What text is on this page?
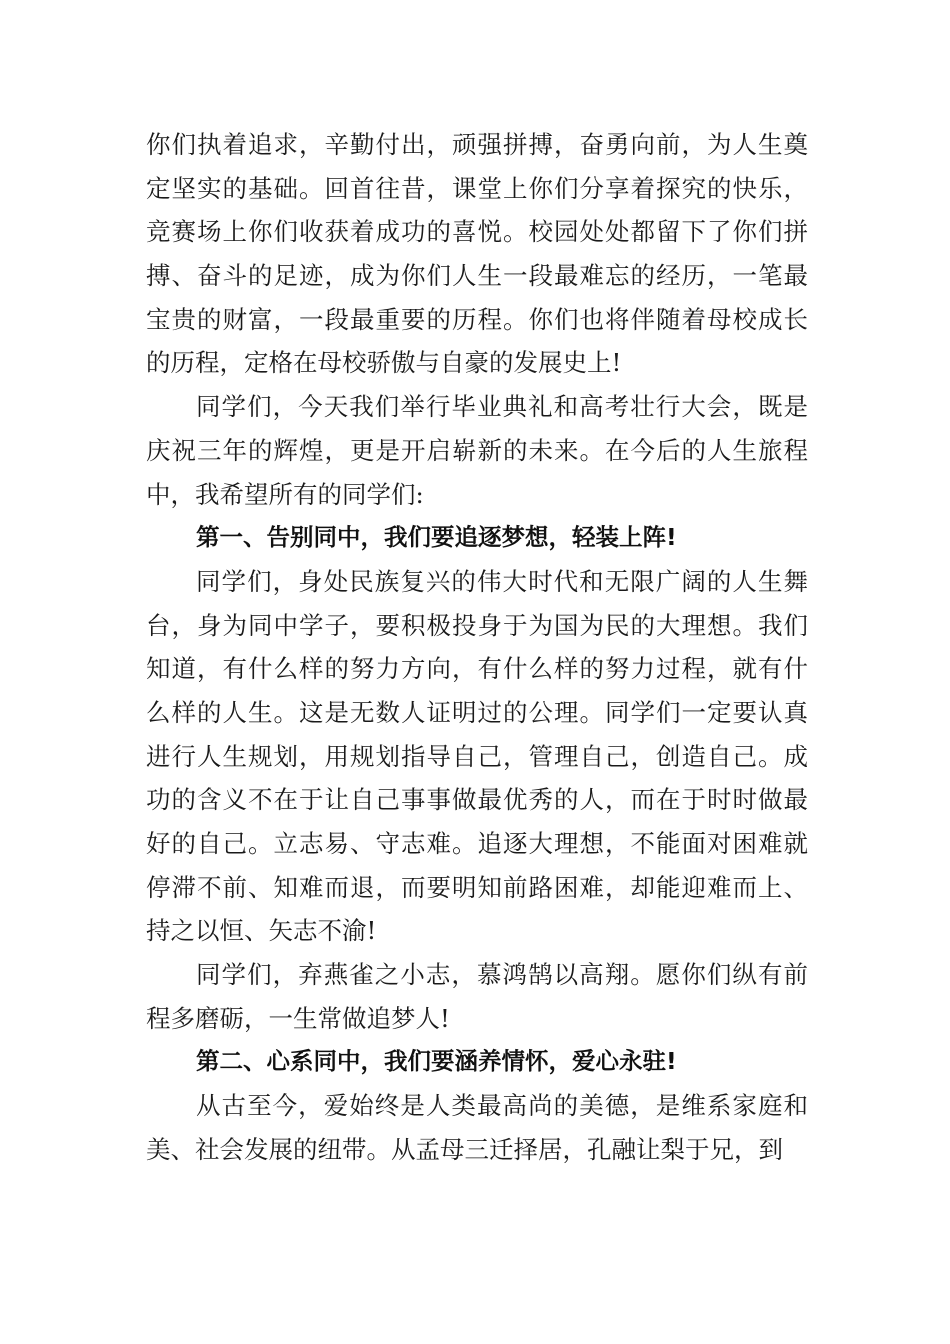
你们执着追求，辛勤付出，顽强拼搏，奋勇向前，为人生奠
定坚实的基础。回首往昔，课堂上你们分享着探究的快乐，
竞赛场上你们收获着成功的喜悦。校园处处都留下了你们拼
搏、奋斗的足迹，成为你们人生一段最难忘的经历，一笔最
宝贵的财富，一段最重要的历程。你们也将伴随着母校成长
的历程，定格在母校骄傲与自豪的发展史上!
同学们，今天我们举行毕业典礼和高考壮行大会，既是
庆祝三年的辉煌，更是开启崭新的未来。在今后的人生旅程
中，我希望所有的同学们:
第一、告别同中，我们要追逐梦想，轻装上阵!
同学们，身处民族复兴的伟大时代和无限广阔的人生舞
台，身为同中学子，要积极投身于为国为民的大理想。我们
知道，有什么样的努力方向，有什么样的努力过程，就有什
么样的人生。这是无数人证明过的公理。同学们一定要认真
进行人生规划，用规划指导自己，管理自己，创造自己。成
功的含义不在于让自己事事做最优秀的人，而在于时时做最
好的自己。立志易、守志难。追逐大理想，不能面对困难就
停滞不前、知难而退，而要明知前路困难，却能迎难而上、
持之以恒、矢志不渝!
同学们，弃燕雀之小志，慕鸿鹄以高翔。愿你们纵有前
程多磨砺，一生常做追梦人!
第二、心系同中，我们要涵养情怀，爱心永驻!
从古至今，爱始终是人类最高尚的美德，是维系家庭和
美、社会发展的纽带。从孟母三迁择居，孔融让梨于兄，到
